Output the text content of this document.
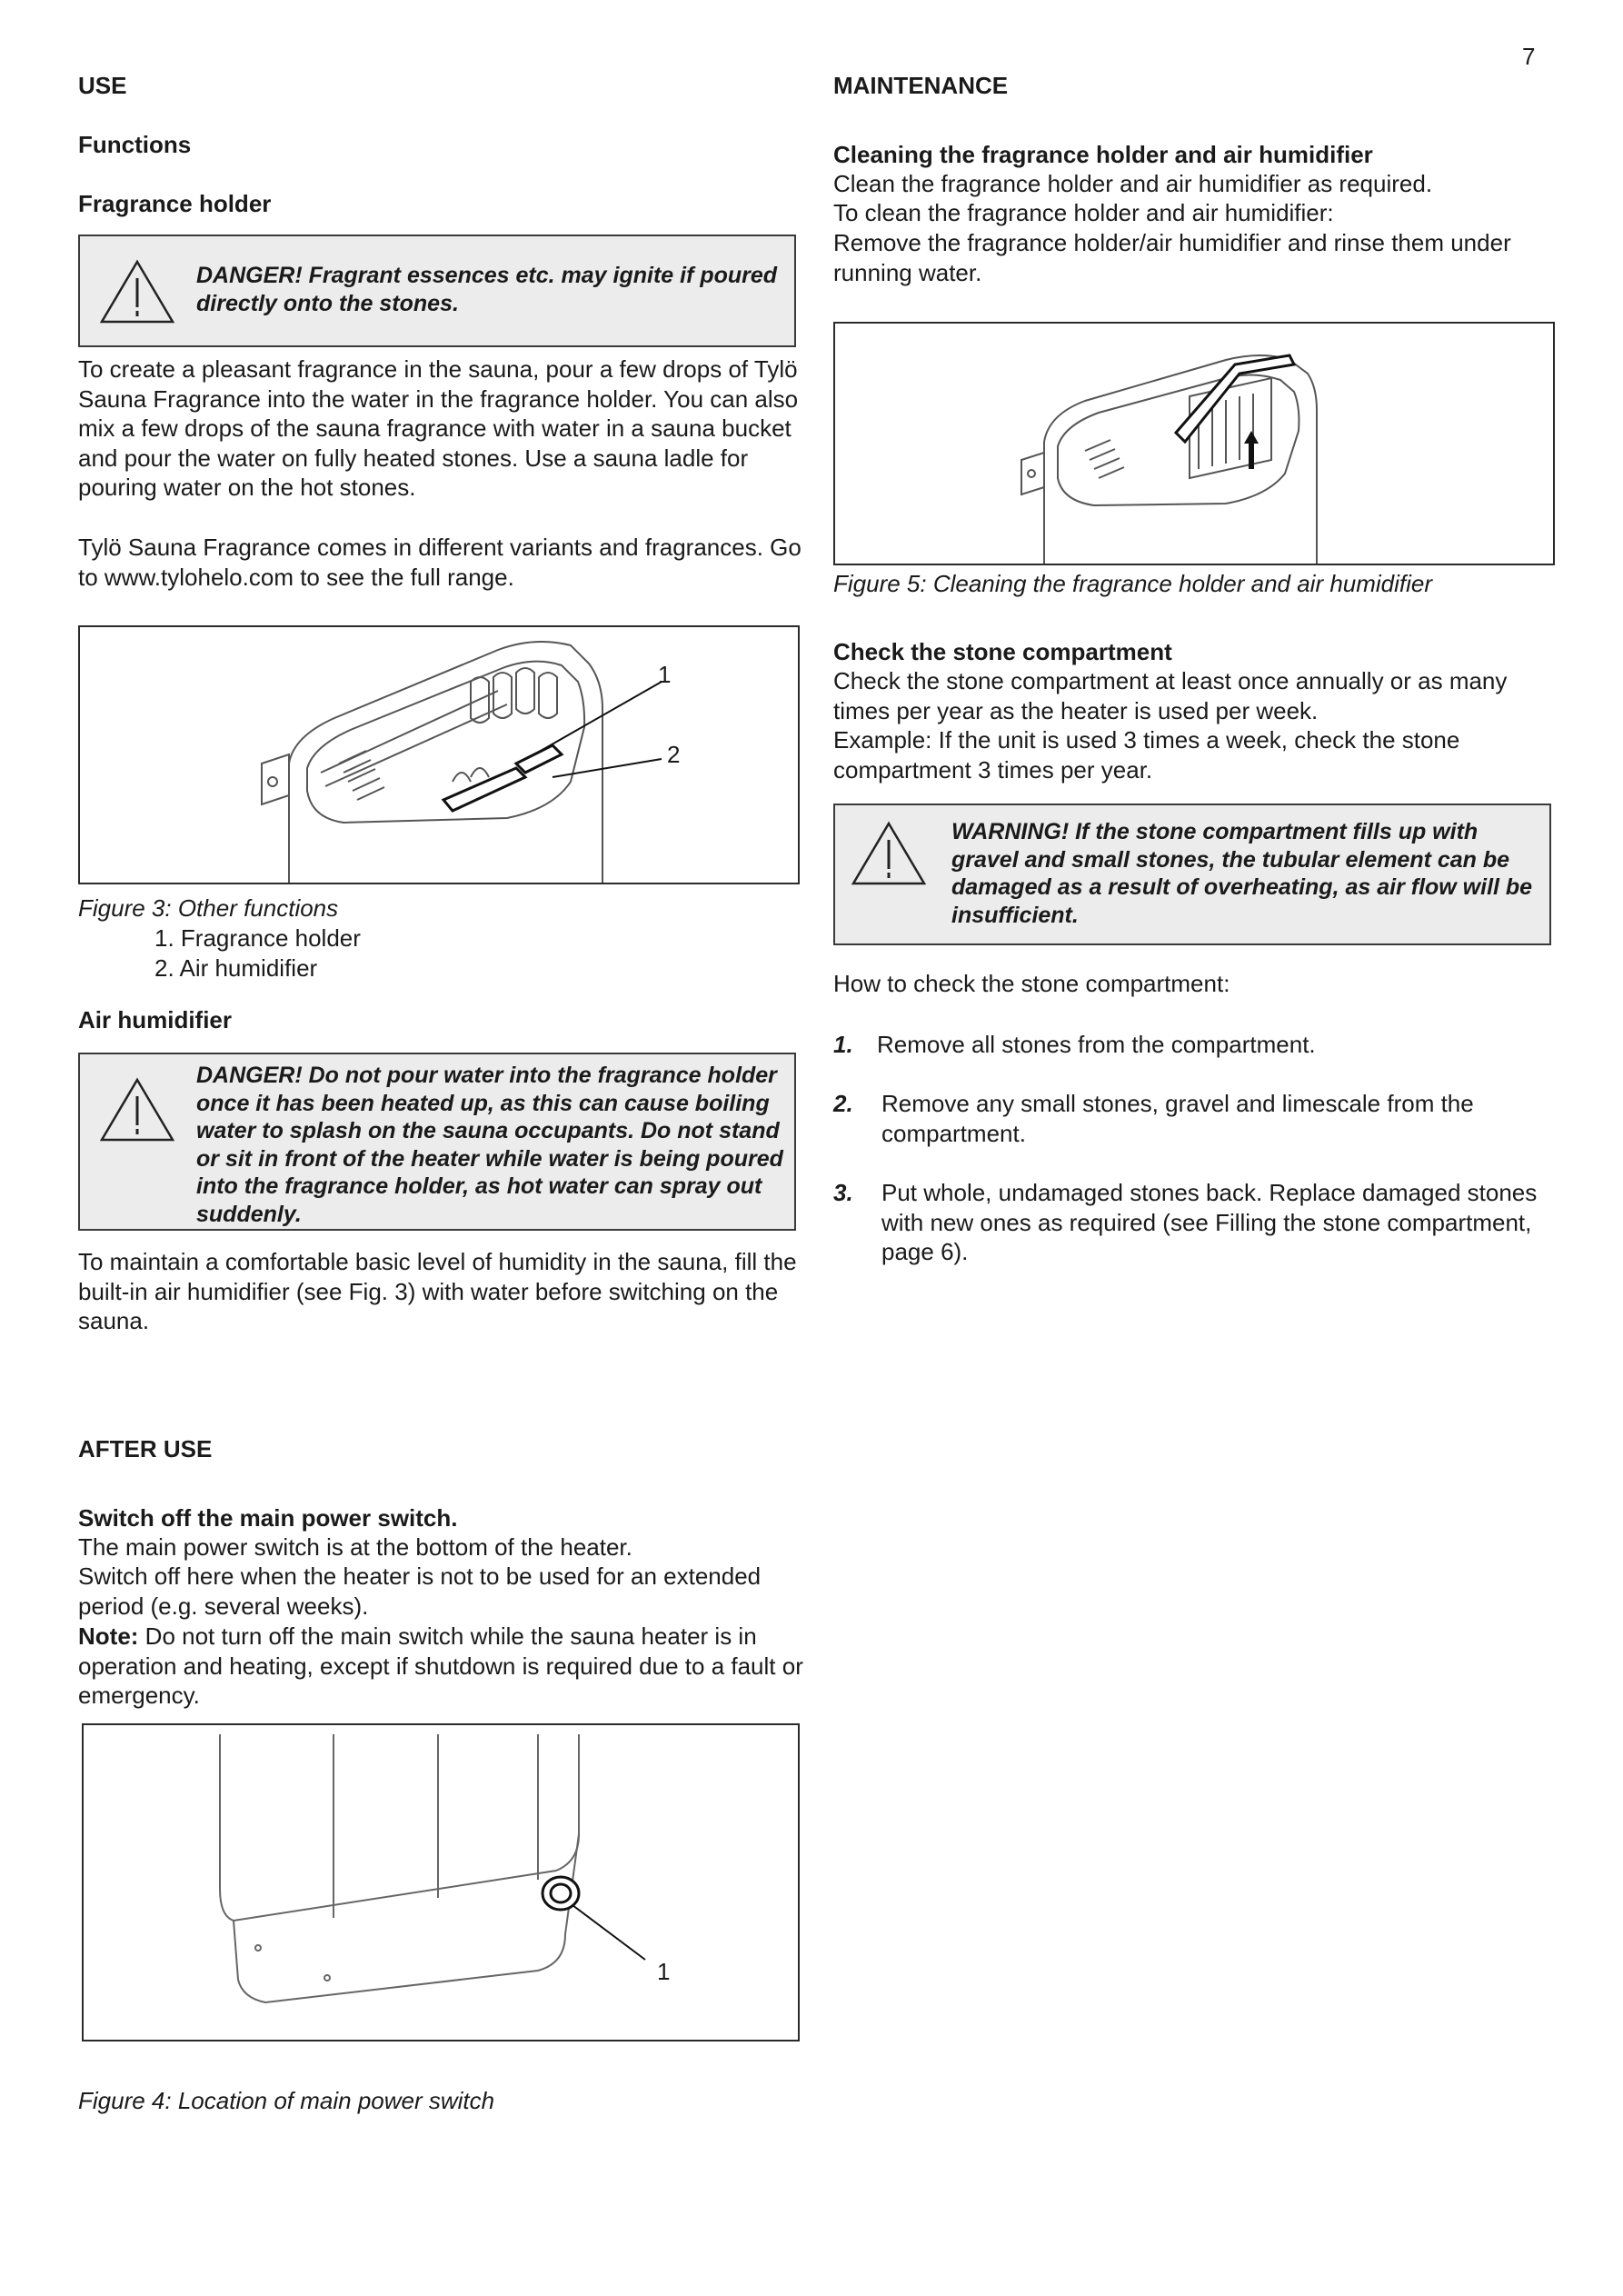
7
USE
Functions
Fragrance holder
DANGER! Fragrant essences etc. may ignite if poured directly onto the stones.

To create a pleasant fragrance in the sauna, pour a few drops of Tylö Sauna Fragrance into the water in the fragrance holder. You can also mix a few drops of the sauna fragrance with water in a sauna bucket and pour the water on fully heated stones. Use a sauna ladle for pouring water on the hot stones.

Tylö Sauna Fragrance comes in different variants and fragrances. Go to www.tylohelo.com to see the full range.

1
2
Figure 3: Other functions
1. Fragrance holder
2. Air humidifier
Air humidifier
DANGER! Do not pour water into the fragrance holder once it has been heated up, as this can cause boiling water to splash on the sauna occupants. Do not stand or sit in front of the heater while water is being poured into the fragrance holder, as hot water can spray out suddenly.

To maintain a comfortable basic level of humidity in the sauna, fill the built-in air humidifier (see Fig. 3) with water before switching on the sauna.

AFTER USE
Switch off the main power switch.

The main power switch is at the bottom of the heater.

Switch off here when the heater is not to be used for an extended period (e.g. several weeks).

Note: Do not turn off the main switch while the sauna heater is in operation and heating, except if shutdown is required due to a fault or emergency.

1
Figure 4: Location of main power switch
MAINTENANCE
Cleaning the fragrance holder and air humidifier

Clean the fragrance holder and air humidifier as required.

To clean the fragrance holder and air humidifier:

Remove the fragrance holder/air humidifier and rinse them under running water.

Figure 5: Cleaning the fragrance holder and air humidifier
Check the stone compartment

Check the stone compartment at least once annually or as many times per year as the heater is used per week.

Example: If the unit is used 3 times a week, check the stone compartment 3 times per year.

WARNING! If the stone compartment fills up with gravel and small stones, the tubular element can be damaged as a result of overheating, as air flow will be insufficient.

How to check the stone compartment:

1. Remove all stones from the compartment.
2. Remove any small stones, gravel and limescale from the compartment.
3. Put whole, undamaged stones back. Replace damaged stones with new ones as required (see Filling the stone compartment, page 6).
